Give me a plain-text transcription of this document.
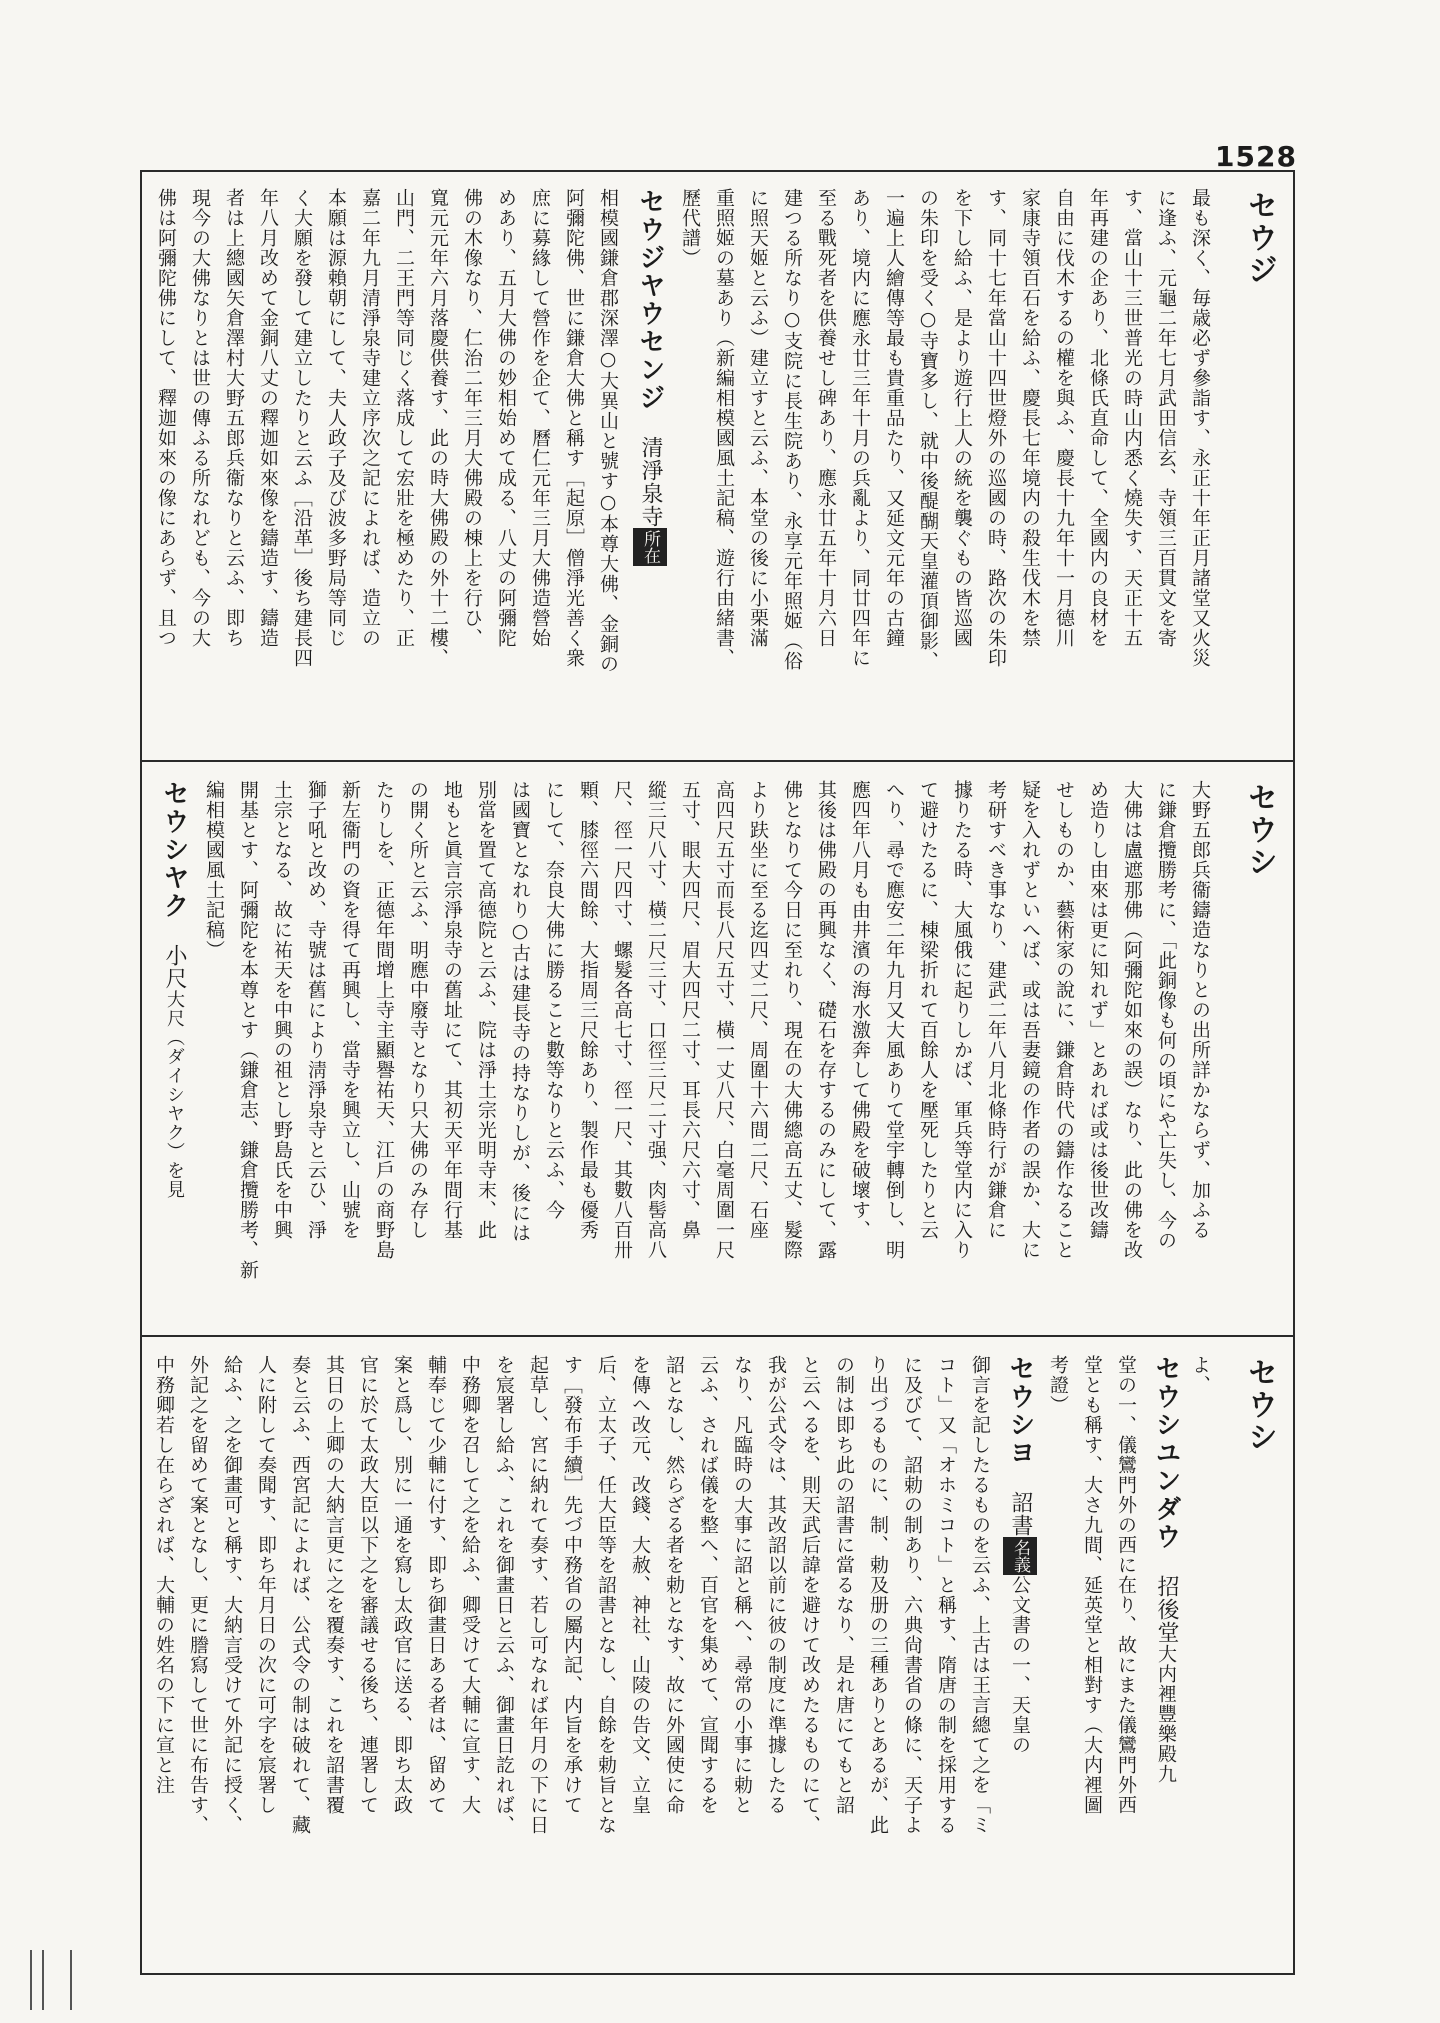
1528
セウジ
最も深く、毎歳必ず參詣す、永正十年正月諸堂又火災
に逢ふ、元龜二年七月武田信玄、寺領三百貫文を寄
す、當山十三世普光の時山内悉く燒失す、天正十五
年再建の企あり、北條氏直命して、全國内の良材を
自由に伐木するの權を與ふ、慶長十九年十一月德川
家康寺領百石を給ふ、慶長七年境内の殺生伐木を禁
す、同十七年當山十四世燈外の巡國の時、路次の朱印
を下し給ふ、是より遊行上人の統を襲ぐもの皆巡國
の朱印を受く○寺寶多し、就中後醍醐天皇灌頂御影、
一遍上人繪傳等最も貴重品たり、又延文元年の古鐘
あり、境内に應永廿三年十月の兵亂より、同廿四年に
至る戰死者を供養せし碑あり、應永廿五年十月六日
建つる所なり○支院に長生院あり、永享元年照姬（俗
に照天姬と云ふ）建立すと云ふ、本堂の後に小栗滿
重照姬の墓あり（新編相模國風土記稿、遊行由緒書、
歷代譜）
セウジヤウセンジ清淨泉寺所在
相模國鎌倉郡深澤○大異山と號す○本尊大佛、金銅の
阿彌陀佛、世に鎌倉大佛と稱す［起原］僧淨光善く衆
庶に募緣して營作を企て、曆仁元年三月大佛造營始
めあり、五月大佛の妙相始めて成る、八丈の阿彌陀
佛の木像なり、仁治二年三月大佛殿の棟上を行ひ、
寬元元年六月落慶供養す、此の時大佛殿の外十二樓、
山門、二王門等同じく落成して宏壯を極めたり、正
嘉二年九月清淨泉寺建立序次之記によれば、造立の
本願は源賴朝にして、夫人政子及び波多野局等同じ
く大願を發して建立したりと云ふ［沿革］後ち建長四
年八月改めて金銅八丈の釋迦如來像を鑄造す、鑄造
者は上總國矢倉澤村大野五郎兵衞なりと云ふ、即ち
現今の大佛なりとは世の傳ふる所なれども、今の大
佛は阿彌陀佛にして、釋迦如來の像にあらず、且つ
セウシ
大野五郎兵衞鑄造なりとの出所詳かならず、加ふる
に鎌倉攬勝考に、「此銅像も何の頃にや亡失し、今の
大佛は盧遮那佛（阿彌陀如來の誤）なり、此の佛を改
め造りし由來は更に知れず」とあれば或は後世改鑄
せしものか、藝術家の說に、鎌倉時代の鑄作なること
疑を入れずといへば、或は吾妻鏡の作者の誤か、大に
考研すべき事なり、建武二年八月北條時行が鎌倉に
據りたる時、大風俄に起りしかば、軍兵等堂内に入り
て避けたるに、棟梁折れて百餘人を壓死したりと云
へり、尋で應安二年九月又大風ありて堂宇轉倒し、明
應四年八月も由井濱の海水激奔して佛殿を破壞す、
其後は佛殿の再興なく、礎石を存するのみにして、露
佛となりて今日に至れり、現在の大佛總高五丈、髮際
より趺坐に至る迄四丈二尺、周圍十六間二尺、石座
高四尺五寸而長八尺五寸、橫一丈八尺、白毫周圍一尺
五寸、眼大四尺、眉大四尺二寸、耳長六尺六寸、鼻
縱三尺八寸、橫二尺三寸、口徑三尺二寸强、肉髻高八
尺、徑一尺四寸、螺髮各高七寸、徑一尺、其數八百卅
顆、膝徑六間餘、大指周三尺餘あり、製作最も優秀
にして、奈良大佛に勝ること數等なりと云ふ、今
は國寶となれり○古は建長寺の持なりしが、後には
別當を置て高德院と云ふ、院は淨土宗光明寺末、此
地もと眞言宗淨泉寺の舊址にて、其初天平年間行基
の開く所と云ふ、明應中廢寺となり只大佛のみ存し
たりしを、正德年間增上寺主顯譽祐天、江戶の商野島
新左衞門の資を得て再興し、當寺を興立し、山號を
獅子吼と改め、寺號は舊により淸淨泉寺と云ひ、淨
土宗となる、故に祐天を中興の祖とし野島氏を中興
開基とす、阿彌陀を本尊とす（鎌倉志、鎌倉攬勝考、新
編相模國風土記稿）
セウシヤク小尺大尺（ダイシヤク）を見
セウシ
よ、
セウシユンダウ招後堂大内裡豐樂殿九
堂の一、儀鸞門外の西に在り、故にまた儀鸞門外西
堂とも稱す、大さ九間、延英堂と相對す（大内裡圖
考證）
セウシヨ詔書名義公文書の一、天皇の
御言を記したるものを云ふ、上古は王言總て之を「ミ
コト」又「オホミコト」と稱す、隋唐の制を採用する
に及びて、詔勅の制あり、六典尙書省の條に、天子よ
り出づるものに、制、勅及册の三種ありとあるが、此
の制は即ち此の詔書に當るなり、是れ唐にてもと詔
と云へるを、則天武后諱を避けて改めたるものにて、
我が公式令は、其改詔以前に彼の制度に準據したる
なり、凡臨時の大事に詔と稱へ、尋常の小事に勅と
云ふ、されば儀を整へ、百官を集めて、宣聞するを
詔となし、然らざる者を勅となす、故に外國使に命
を傳へ改元、改錢、大赦、神社、山陵の告文、立皇
后、立太子、任大臣等を詔書となし、自餘を勅旨とな
す［發布手續］先づ中務省の屬内記、内旨を承けて
起草し、宮に納れて奏す、若し可なれば年月の下に日
を宸署し給ふ、これを御畫日と云ふ、御畫日訖れば、
中務卿を召して之を給ふ、卿受けて大輔に宣す、大
輔奉じて少輔に付す、即ち御畫日ある者は、留めて
案と爲し、別に一通を寫し太政官に送る、即ち太政
官に於て太政大臣以下之を審議せる後ち、連署して
其日の上卿の大納言更に之を覆奏す、これを詔書覆
奏と云ふ、西宮記によれば、公式令の制は破れて、藏
人に附して奏聞す、即ち年月日の次に可字を宸署し
給ふ、之を御畫可と稱す、大納言受けて外記に授く、
外記之を留めて案となし、更に謄寫して世に布告す、
中務卿若し在らざれば、大輔の姓名の下に宣と注
